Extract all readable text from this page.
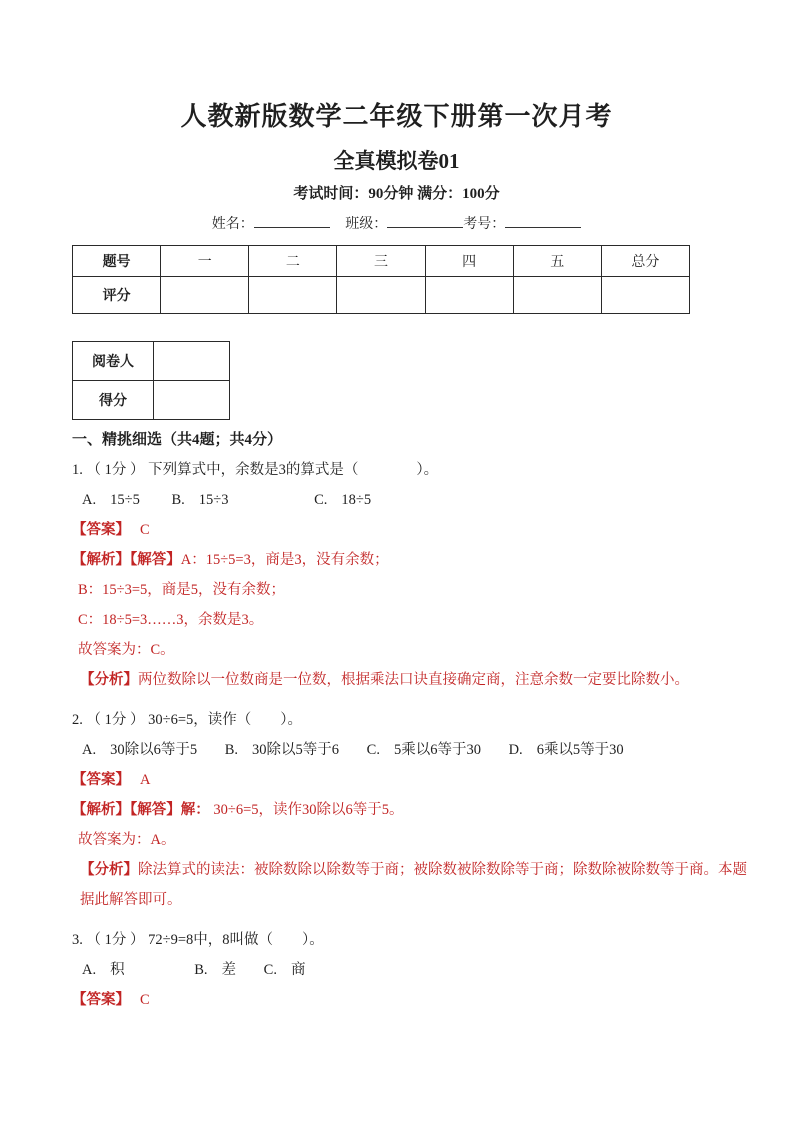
人教新版数学二年级下册第一次月考
全真模拟卷01
考试时间：90分钟 满分：100分
姓名：	班级：	考号：
题号	一	二	三	四	五	总分
评分						
阅卷人	
得分	
一、精挑细选（共4题；共4分）
1. （ 1分 ） 下列算式中，余数是3的算式是（　　　　）。
A. 15÷5 B. 15÷3	C. 18÷5
【答案】 C
【解析】【解答】A：15÷5=3，商是3，没有余数；
B：15÷3=5，商是5，没有余数；
C：18÷5=3……3，余数是3。
故答案为：C。
【分析】两位数除以一位数商是一位数，根据乘法口诀直接确定商，注意余数一定要比除数小。
2. （ 1分 ） 30÷6=5，读作（　　）。
A. 30除以6等于5 B. 30除以5等于6 C. 5乘以6等于30 D. 6乘以5等于30
【答案】 A
【解析】【解答】解： 30÷6=5，读作30除以6等于5。
故答案为：A。
【分析】除法算式的读法：被除数除以除数等于商；被除数被除数除等于商；除数除被除数等于商。本题据此解答即可。
3. （ 1分 ） 72÷9=8中，8叫做（　　）。
A. 积	B. 差 C. 商
【答案】 C
